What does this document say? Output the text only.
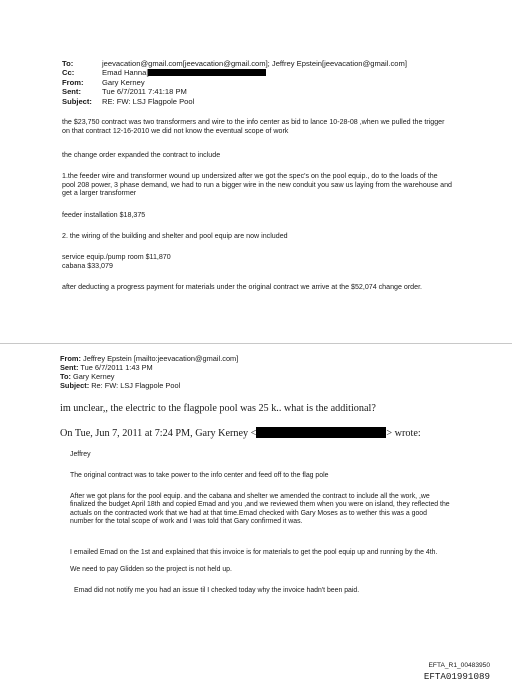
To:	jeevacation@gmail.com[jeevacation@gmail.com]; Jeffrey Epstein[jeevacation@gmail.com]
Cc:	Emad Hanna[
From:	Gary Kerney
Sent:	Tue 6/7/2011 7:41:18 PM
Subject:	RE: FW: LSJ Flagpole Pool

the $23,750 contract was two transformers and wire to the info center as bid to lance 10-28-08 ,when we pulled the trigger on that contract 12-16-2010 we did not know the eventual scope of work

the change order expanded the contract to include

1.the feeder wire and transformer wound up undersized after we got the spec's on the pool equip., do to the loads of the pool 208 power, 3 phase demand, we had to run a bigger wire in the new conduit you saw us laying from the warehouse and get a larger transformer

feeder installation $18,375

2. the wiring of the building and shelter and pool equip are now included

service equip./pump room $11,870

cabana $33,079

after deducting a progress payment for materials under the original contract we arrive at the $52,074 change order.

From: Jeffrey Epstein [mailto:jeevacation@gmail.com]
Sent: Tue 6/7/2011 1:43 PM
To: Gary Kerney
Subject: Re: FW: LSJ Flagpole Pool

im unclear,, the electric to the flagpole pool was 25 k.. what is the additional?

On Tue, Jun 7, 2011 at 7:24 PM, Gary Kerney <	> wrote:

Jeffrey

The original contract was to take power to the info center and feed off to the flag pole

After we got plans for the pool equip. and the cabana and shelter we amended the contract to include all the work, ,we finalized the budget April 18th and copied Emad and you ,and we reviewed them when you were on island, they reflected the actuals on the contracted work that we had at that time.Emad checked with Gary Moses as to wether this was a good number for the total scope of work and I was told that Gary confirmed it was.

I emailed Emad on the 1st and explained that this invoice is for materials to get the pool equip up and running by the 4th.

We need to pay Glidden so the project is not held up.

Emad did not notify me you had an issue til I checked today why the invoice hadn't been paid.

EFTA_R1_00483950
EFTA01991089
